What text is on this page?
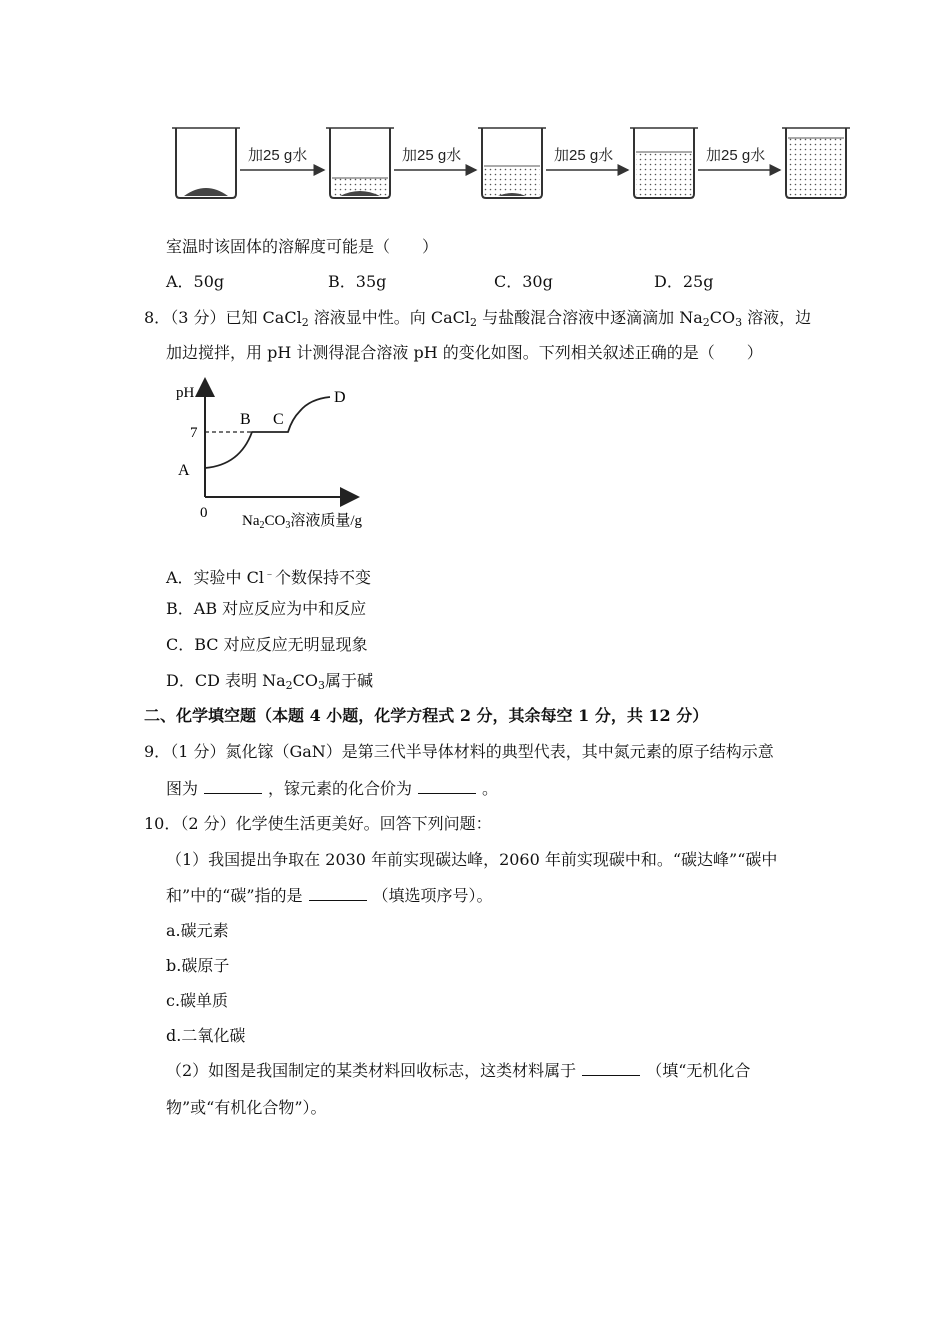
加25 g水	加25 g水	加25 g水	加25 g水
室温时该固体的溶解度可能是（　　）
A．50g	B．35g	C．30g	D．25g
8．（3 分）已知 CaCl$_2$ 溶液显中性。向 CaCl$_2$ 与盐酸混合溶液中逐滴滴加 $Na_2CO_3$ 溶液，边
加边搅拌，用 pH 计测得混合溶液 pH 的变化如图。下列相关叙述正确的是（　　）
pH
7
0
A
B C
D
$Na_2CO_3$溶液质量/g
A．实验中 Cl﹣个数保持不变
B．AB 对应反应为中和反应
C．BC 对应反应无明显现象
D．CD 表明 $Na_2CO_3$属于碱
二、化学填空题（本题 4 小题，化学方程式 2 分，其余每空 1 分，共 12 分）
9．（1 分）氮化镓（GaN）是第三代半导体材料的典型代表，其中氮元素的原子结构示意
图为	，镓元素的化合价为	。
10．（2 分）化学使生活更美好。回答下列问题：
（1）我国提出争取在 2030 年前实现碳达峰，2060 年前实现碳中和。“碳达峰”“碳中
和”中的“碳”指的是	（填选项序号）。
a.碳元素
b.碳原子
c.碳单质
d.二氧化碳
（2）如图是我国制定的某类材料回收标志，这类材料属于	（填“无机化合
物”或“有机化合物”）。
